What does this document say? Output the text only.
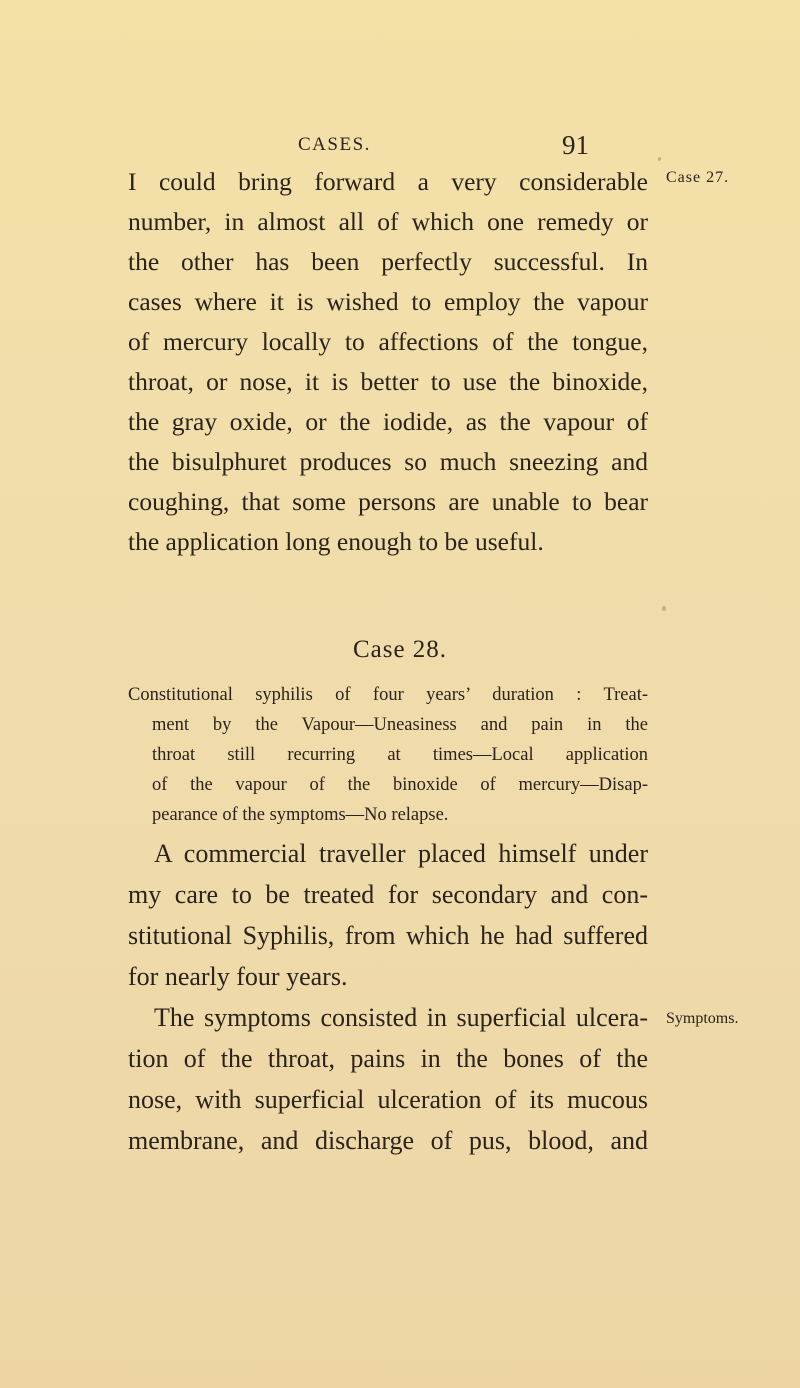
CASES.	91
Case 27.
I could bring forward a very considerable
number, in almost all of which one remedy or
the other has been perfectly successful. In
cases where it is wished to employ the vapour
of mercury locally to affections of the tongue,
throat, or nose, it is better to use the binoxide,
the gray oxide, or the iodide, as the vapour of
the bisulphuret produces so much sneezing and
coughing, that some persons are unable to bear
the application long enough to be useful.
Case 28.
Constitutional syphilis of four years’ duration : Treat-
ment by the Vapour—Uneasiness and pain in the
throat still recurring at times—Local application
of the vapour of the binoxide of mercury—Disap-
pearance of the symptoms—No relapse.
A commercial traveller placed himself under
my care to be treated for secondary and con-
stitutional Syphilis, from which he had suffered
for nearly four years.
Symptoms.
The symptoms consisted in superficial ulcera-
tion of the throat, pains in the bones of the
nose, with superficial ulceration of its mucous
membrane, and discharge of pus, blood, and
